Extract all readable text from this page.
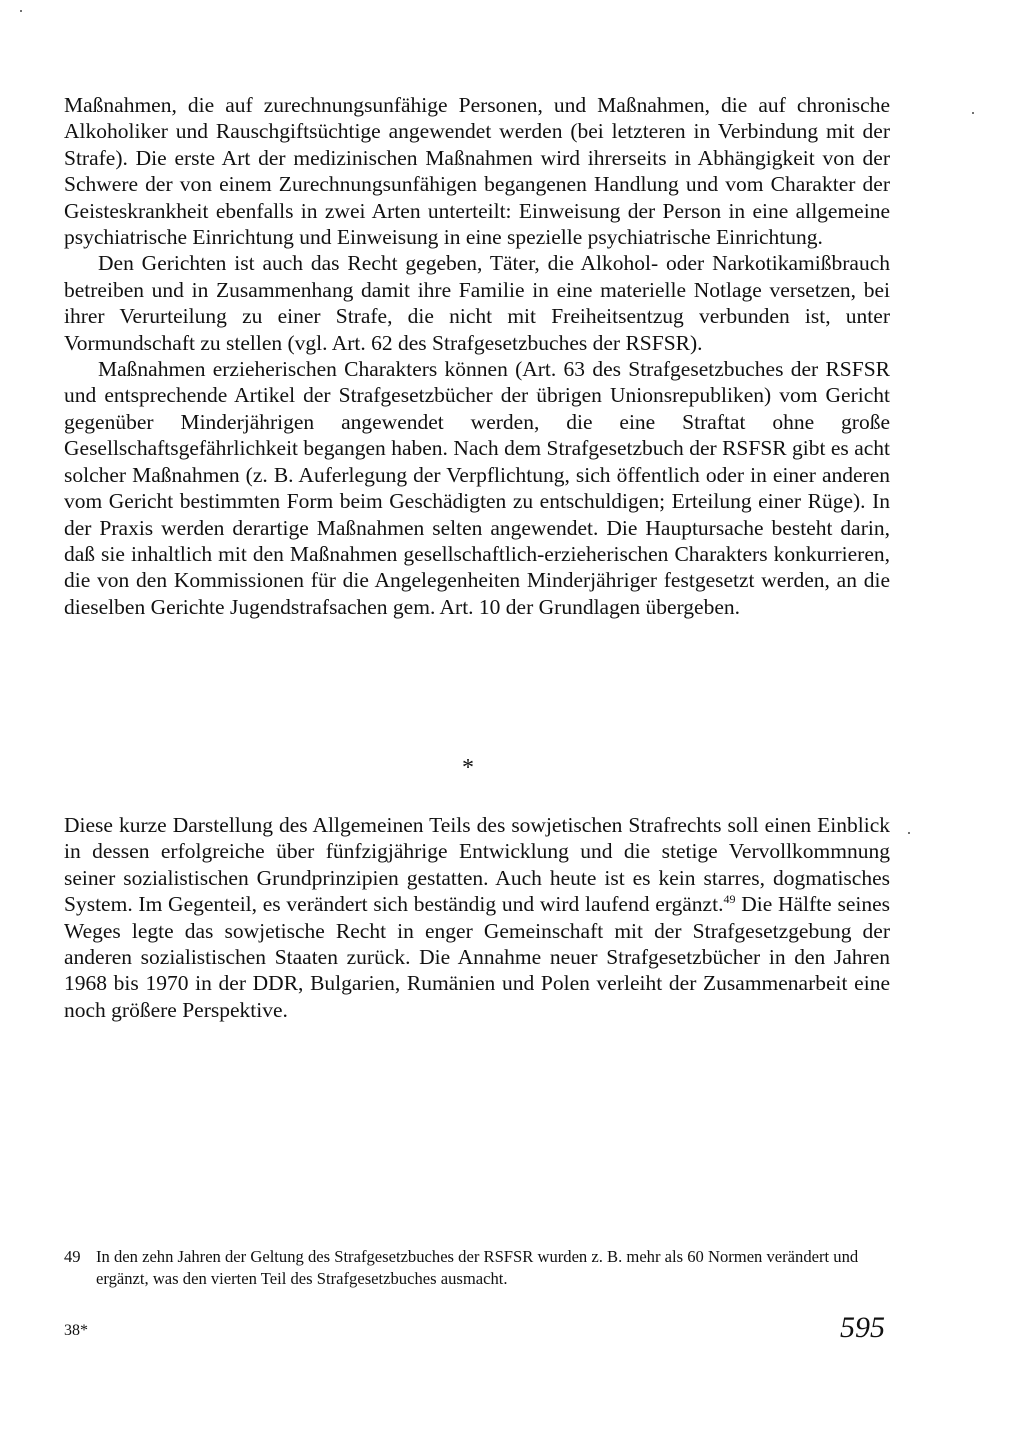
Maßnahmen, die auf zurechnungsunfähige Personen, und Maßnahmen, die auf chronische Alkoholiker und Rauschgiftsüchtige angewendet werden (bei letzteren in Verbindung mit der Strafe). Die erste Art der medizinischen Maßnahmen wird ihrerseits in Abhängigkeit von der Schwere der von einem Zurechnungsunfähigen begangenen Handlung und vom Charakter der Geisteskrankheit ebenfalls in zwei Arten unterteilt: Einweisung der Person in eine allgemeine psychiatrische Einrichtung und Einweisung in eine spezielle psychiatrische Einrichtung.

Den Gerichten ist auch das Recht gegeben, Täter, die Alkohol- oder Narkotikamißbrauch betreiben und in Zusammenhang damit ihre Familie in eine materielle Notlage versetzen, bei ihrer Verurteilung zu einer Strafe, die nicht mit Freiheitsentzug verbunden ist, unter Vormundschaft zu stellen (vgl. Art. 62 des Strafgesetzbuches der RSFSR).

Maßnahmen erzieherischen Charakters können (Art. 63 des Strafgesetzbuches der RSFSR und entsprechende Artikel der Strafgesetzbücher der übrigen Unionsrepubliken) vom Gericht gegenüber Minderjährigen angewendet werden, die eine Straftat ohne große Gesellschaftsgefährlichkeit begangen haben. Nach dem Strafgesetzbuch der RSFSR gibt es acht solcher Maßnahmen (z. B. Auferlegung der Verpflichtung, sich öffentlich oder in einer anderen vom Gericht bestimmten Form beim Geschädigten zu entschuldigen; Erteilung einer Rüge). In der Praxis werden derartige Maßnahmen selten angewendet. Die Hauptursache besteht darin, daß sie inhaltlich mit den Maßnahmen gesellschaftlich-erzieherischen Charakters konkurrieren, die von den Kommissionen für die Angelegenheiten Minderjähriger festgesetzt werden, an die dieselben Gerichte Jugendstrafsachen gem. Art. 10 der Grundlagen übergeben.

*

Diese kurze Darstellung des Allgemeinen Teils des sowjetischen Strafrechts soll einen Einblick in dessen erfolgreiche über fünfzigjährige Entwicklung und die stetige Vervollkommnung seiner sozialistischen Grundprinzipien gestatten. Auch heute ist es kein starres, dogmatisches System. Im Gegenteil, es verändert sich beständig und wird laufend ergänzt.$^{49}$ Die Hälfte seines Weges legte das sowjetische Recht in enger Gemeinschaft mit der Strafgesetzgebung der anderen sozialistischen Staaten zurück. Die Annahme neuer Strafgesetzbücher in den Jahren 1968 bis 1970 in der DDR, Bulgarien, Rumänien und Polen verleiht der Zusammenarbeit eine noch größere Perspektive.

49 In den zehn Jahren der Geltung des Strafgesetzbuches der RSFSR wurden z. B. mehr als 60 Normen verändert und ergänzt, was den vierten Teil des Strafgesetzbuches ausmacht.
38*	595
